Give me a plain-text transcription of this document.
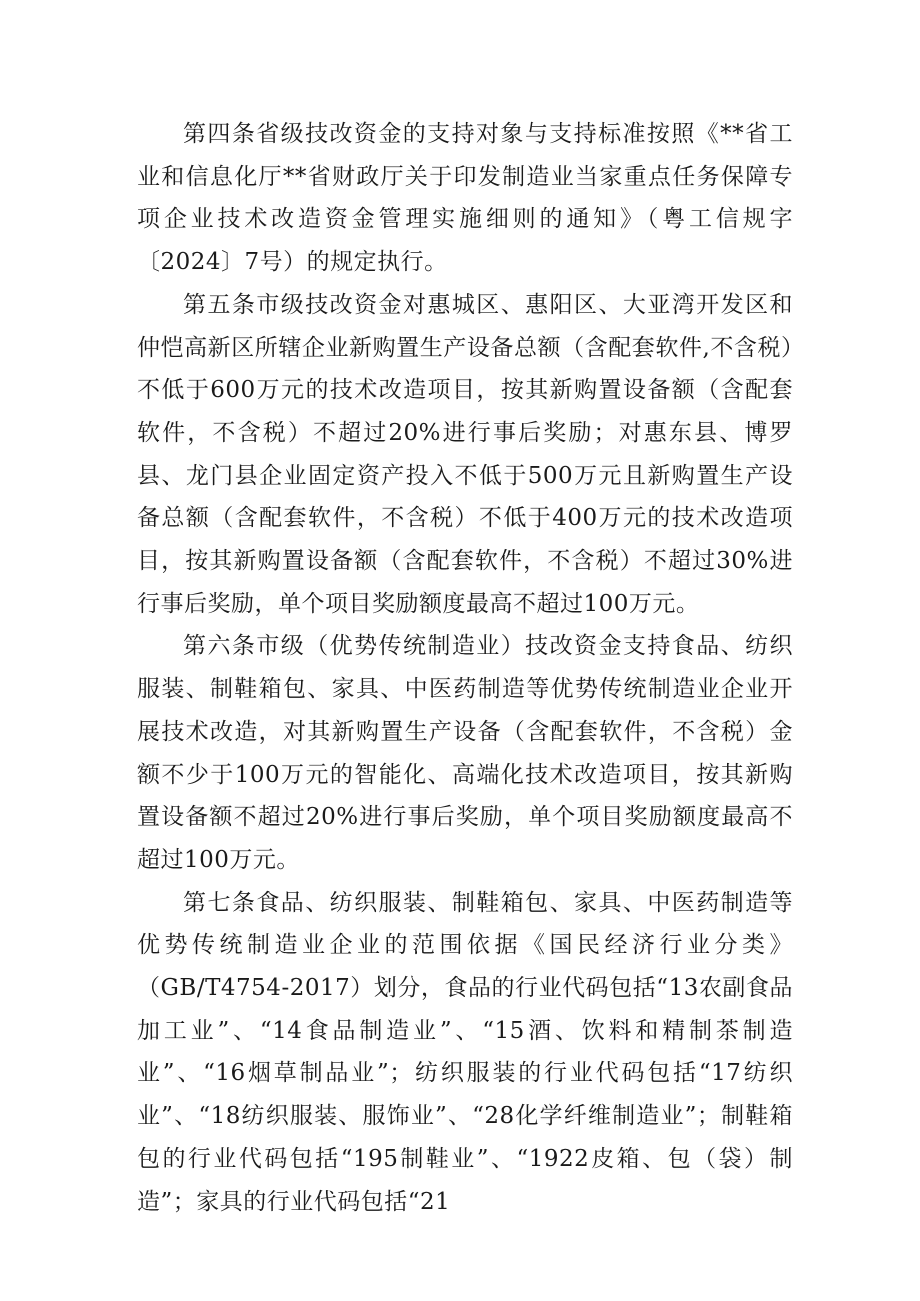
第四条省级技改资金的支持对象与支持标准按照《**省工业和信息化厅**省财政厅关于印发制造业当家重点任务保障专项企业技术改造资金管理实施细则的通知》（粤工信规字〔2024〕7号）的规定执行。

第五条市级技改资金对惠城区、惠阳区、大亚湾开发区和仲恺高新区所辖企业新购置生产设备总额（含配套软件,不含税）不低于600万元的技术改造项目，按其新购置设备额（含配套软件，不含税）不超过20%进行事后奖励；对惠东县、博罗县、龙门县企业固定资产投入不低于500万元且新购置生产设备总额（含配套软件，不含税）不低于400万元的技术改造项目，按其新购置设备额（含配套软件，不含税）不超过30%进行事后奖励，单个项目奖励额度最高不超过100万元。

第六条市级（优势传统制造业）技改资金支持食品、纺织服装、制鞋箱包、家具、中医药制造等优势传统制造业企业开展技术改造，对其新购置生产设备（含配套软件，不含税）金额不少于100万元的智能化、高端化技术改造项目，按其新购置设备额不超过20%进行事后奖励，单个项目奖励额度最高不超过100万元。

第七条食品、纺织服装、制鞋箱包、家具、中医药制造等优势传统制造业企业的范围依据《国民经济行业分类》（GB/T4754-2017）划分，食品的行业代码包括“13农副食品加工业”、“14食品制造业”、“15酒、饮料和精制茶制造业”、“16烟草制品业”；纺织服装的行业代码包括“17纺织业”、“18纺织服装、服饰业”、“28化学纤维制造业”；制鞋箱包的行业代码包括“195制鞋业”、“1922皮箱、包（袋）制造”；家具的行业代码包括“21
